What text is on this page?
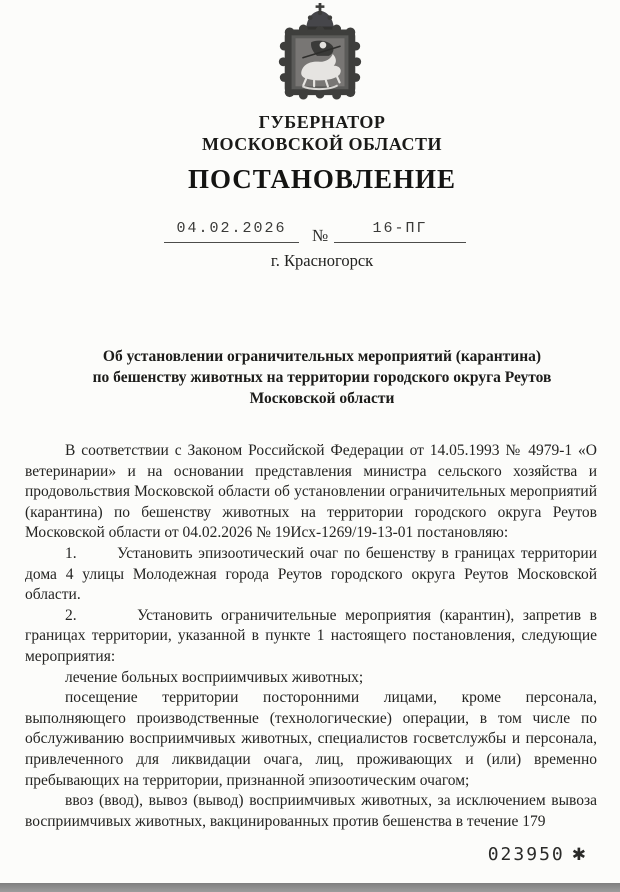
ГУБЕРНАТОР
МОСКОВСКОЙ ОБЛАСТИ
ПОСТАНОВЛЕНИЕ
04.02.2026	№	16-ПГ
г. Красногорск
Об установлении ограничительных мероприятий (карантина)
по бешенству животных на территории городского округа Реутов
Московской области

В соответствии с Законом Российской Федерации от 14.05.1993 № 4979-1 «О ветеринарии» и на основании представления министра сельского хозяйства и продовольствия Московской области об установлении ограничительных мероприятий (карантина) по бешенству животных на территории городского округа Реутов Московской области от 04.02.2026 № 19Исх-1269/19-13-01 постановляю:

1.       Установить эпизоотический очаг по бешенству в границах территории дома 4 улицы Молодежная города Реутов городского округа Реутов Московской области.

2.       Установить ограничительные мероприятия (карантин), запретив в границах территории, указанной в пункте 1 настоящего постановления, следующие мероприятия:

лечение больных восприимчивых животных;

посещение территории посторонними лицами, кроме персонала, выполняющего производственные (технологические) операции, в том числе по обслуживанию восприимчивых животных, специалистов госветслужбы и персонала, привлеченного для ликвидации очага, лиц, проживающих и (или) временно пребывающих на территории, признанной эпизоотическим очагом;

ввоз (ввод), вывоз (вывод) восприимчивых животных, за исключением вывоза восприимчивых животных, вакцинированных против бешенства в течение 179

023950 ✱
